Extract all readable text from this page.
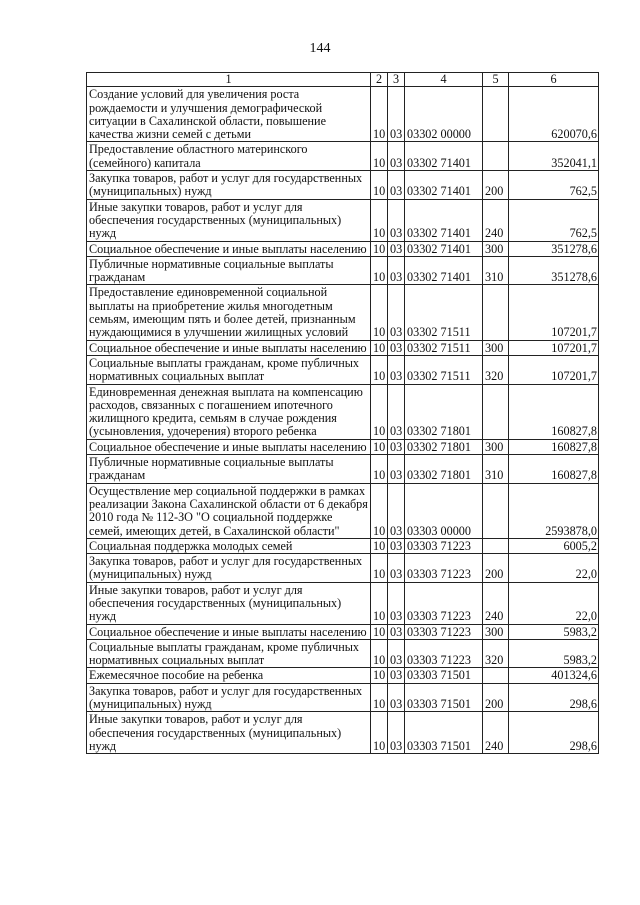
144
1	2	3	4	5	6
Создание условий для увеличения роста рождаемости и улучшения демографической ситуации в Сахалинской области, повышение качества жизни семей с детьми	10	03	03302 00000		620070,6
Предоставление областного материнского (семейного) капитала	10	03	03302 71401		352041,1
Закупка товаров, работ и услуг для государственных (муниципальных) нужд	10	03	03302 71401	200	762,5
Иные закупки товаров, работ и услуг для обеспечения государственных (муниципальных) нужд	10	03	03302 71401	240	762,5
Социальное обеспечение и иные выплаты населению	10	03	03302 71401	300	351278,6
Публичные нормативные социальные выплаты гражданам	10	03	03302 71401	310	351278,6
Предоставление единовременной социальной выплаты на приобретение жилья многодетным семьям, имеющим пять и более детей, признанным нуждающимися в улучшении жилищных условий	10	03	03302 71511		107201,7
Социальное обеспечение и иные выплаты населению	10	03	03302 71511	300	107201,7
Социальные выплаты гражданам, кроме публичных нормативных социальных выплат	10	03	03302 71511	320	107201,7
Единовременная денежная выплата на компенсацию расходов, связанных с погашением ипотечного жилищного кредита, семьям в случае рождения (усыновления, удочерения) второго ребенка	10	03	03302 71801		160827,8
Социальное обеспечение и иные выплаты населению	10	03	03302 71801	300	160827,8
Публичные нормативные социальные выплаты гражданам	10	03	03302 71801	310	160827,8
Осуществление мер социальной поддержки в рамках реализации Закона Сахалинской области от 6 декабря 2010 года № 112-ЗО "О социальной поддержке семей, имеющих детей, в Сахалинской области"	10	03	03303 00000		2593878,0
Социальная поддержка молодых семей	10	03	03303 71223		6005,2
Закупка товаров, работ и услуг для государственных (муниципальных) нужд	10	03	03303 71223	200	22,0
Иные закупки товаров, работ и услуг для обеспечения государственных (муниципальных) нужд	10	03	03303 71223	240	22,0
Социальное обеспечение и иные выплаты населению	10	03	03303 71223	300	5983,2
Социальные выплаты гражданам, кроме публичных нормативных социальных выплат	10	03	03303 71223	320	5983,2
Ежемесячное пособие на ребенка	10	03	03303 71501		401324,6
Закупка товаров, работ и услуг для государственных (муниципальных) нужд	10	03	03303 71501	200	298,6
Иные закупки товаров, работ и услуг для обеспечения государственных (муниципальных) нужд	10	03	03303 71501	240	298,6
